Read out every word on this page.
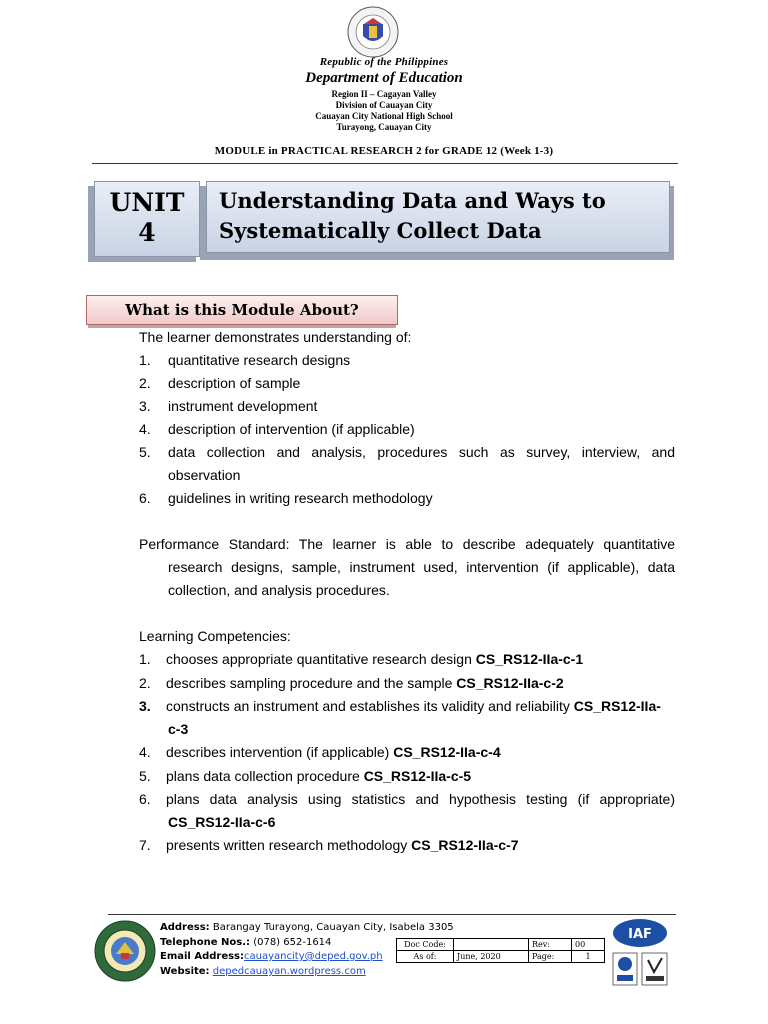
Republic of the Philippines
Department of Education
Region II – Cagayan Valley
Division of Cauayan City
Cauayan City National High School
Turayong, Cauayan City
MODULE in PRACTICAL RESEARCH 2 for GRADE 12 (Week 1-3)
UNIT
4
Understanding Data and Ways to
Systematically Collect Data
What is this Module About?
The learner demonstrates understanding of:
1. quantitative research designs
2. description of sample
3. instrument development
4. description of intervention (if applicable)
5. data collection and analysis, procedures such as survey, interview, and
observation
6. guidelines in writing research methodology
Performance Standard: The learner is able to describe adequately quantitative
research designs, sample, instrument used, intervention (if applicable), data
collection, and analysis procedures.
Learning Competencies:
1. chooses appropriate quantitative research design CS_RS12-IIa-c-1
2. describes sampling procedure and the sample CS_RS12-IIa-c-2
3. constructs an instrument and establishes its validity and reliability CS_RS12-IIa-
c-3
4. describes intervention (if applicable) CS_RS12-IIa-c-4
5. plans data collection procedure CS_RS12-IIa-c-5
6. plans data analysis using statistics and hypothesis testing (if appropriate)
CS_RS12-IIa-c-6
7. presents written research methodology CS_RS12-IIa-c-7
Address: Barangay Turayong, Cauayan City, Isabela 3305
Telephone Nos.: (078) 652-1614
Email Address:cauayancity@deped.gov.ph
Website: depedcauayan.wordpress.com
Doc Code:		Rev:	00
As of:	June, 2020	Page:	1
IAF
